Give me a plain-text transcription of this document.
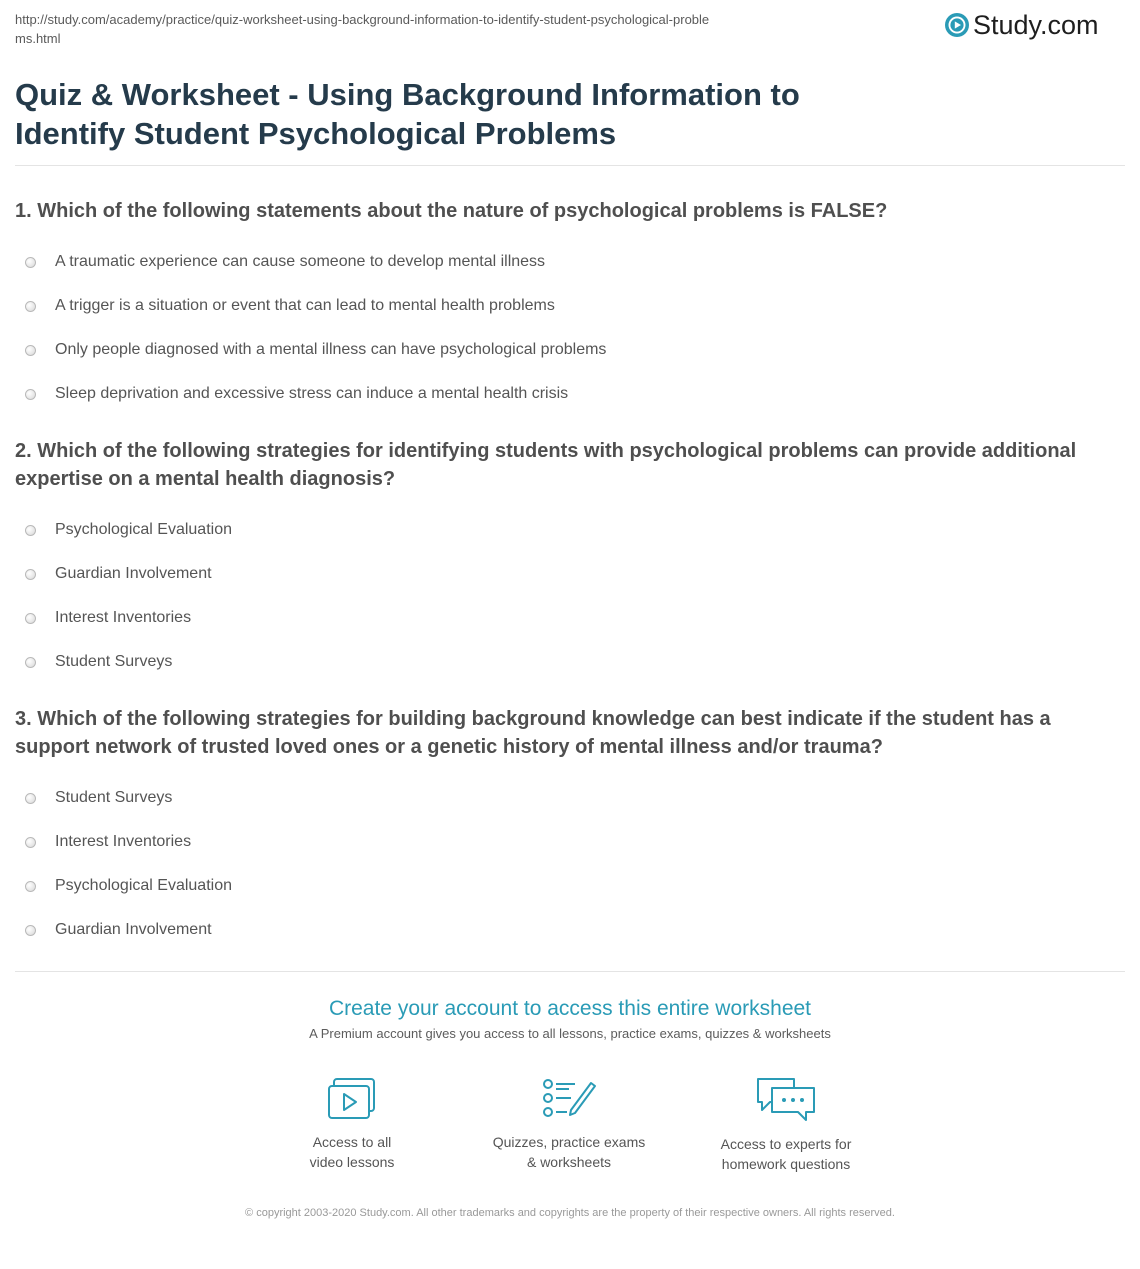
http://study.com/academy/practice/quiz-worksheet-using-background-information-to-identify-student-psychological-problems.html	Study.com
Quiz & Worksheet - Using Background Information to Identify Student Psychological Problems

1. Which of the following statements about the nature of psychological problems is FALSE?

A traumatic experience can cause someone to develop mental illness
A trigger is a situation or event that can lead to mental health problems
Only people diagnosed with a mental illness can have psychological problems
Sleep deprivation and excessive stress can induce a mental health crisis

2. Which of the following strategies for identifying students with psychological problems can provide additional expertise on a mental health diagnosis?

Psychological Evaluation
Guardian Involvement
Interest Inventories
Student Surveys

3. Which of the following strategies for building background knowledge can best indicate if the student has a support network of trusted loved ones or a genetic history of mental illness and/or trauma?

Student Surveys
Interest Inventories
Psychological Evaluation
Guardian Involvement
Create your account to access this entire worksheet
A Premium account gives you access to all lessons, practice exams, quizzes & worksheets
Access to all
video lessons
Quizzes, practice exams
& worksheets
Access to experts for
homework questions
© copyright 2003-2020 Study.com. All other trademarks and copyrights are the property of their respective owners. All rights reserved.
